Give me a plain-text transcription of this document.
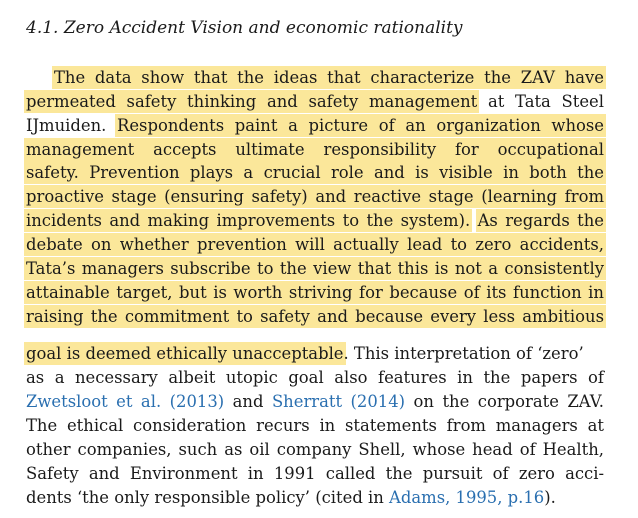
4.1. Zero Accident Vision and economic rationality
The data show that the ideas that characterize the ZAV have
permeated safety thinking and safety management at Tata Steel
IJmuiden. Respondents paint a picture of an organization whose
management accepts ultimate responsibility for occupational
safety. Prevention plays a crucial role and is visible in both the
proactive stage (ensuring safety) and reactive stage (learning from
incidents and making improvements to the system). As regards the
debate on whether prevention will actually lead to zero accidents,
Tata’s managers subscribe to the view that this is not a consistently
attainable target, but is worth striving for because of its function in
raising the commitment to safety and because every less ambitious
goal is deemed ethically unacceptable. This interpretation of ‘zero’
as a necessary albeit utopic goal also features in the papers of
Zwetsloot et al. (2013) and Sherratt (2014) on the corporate ZAV.
The ethical consideration recurs in statements from managers at
other companies, such as oil company Shell, whose head of Health,
Safety and Environment in 1991 called the pursuit of zero acci-
dents ‘the only responsible policy’ (cited in Adams, 1995, p.16).
